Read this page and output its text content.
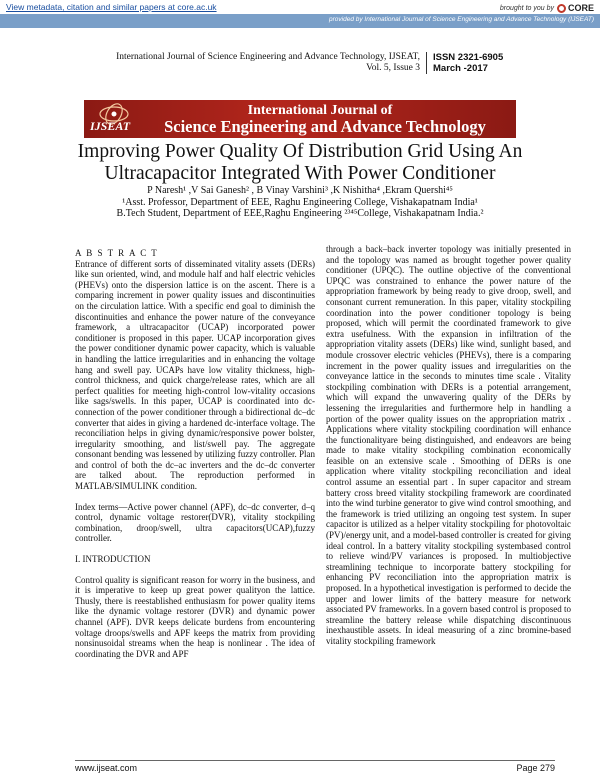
View metadata, citation and similar papers at core.ac.uk	brought to you by CORE
provided by International Journal of Science Engineering and Advance Technology (IJSEAT)
International Journal of Science Engineering and Advance Technology, IJSEAT,
Vol. 5, Issue 3
ISSN 2321-6905
March -2017
IJSEAT
International Journal of
Science Engineering and Advance Technology
Improving Power Quality Of Distribution Grid Using An Ultracapacitor Integrated With Power Conditioner
P Naresh¹ ,V Sai Ganesh² , B Vinay Varshini³ ,K Nishitha⁴ ,Ekram Quershi⁴⁵
¹Asst. Professor, Department of EEE, Raghu Engineering College, Vishakapatnam India¹
B.Tech Student, Department of EEE,Raghu Engineering ²³⁴⁵College, Vishakapatnam India.²

A B S T R A C T

Entrance of different sorts of disseminated vitality assets (DERs) like sun oriented, wind, and module half and half electric vehicles (PHEVs) onto the dispersion lattice is on the ascent. There is a comparing increment in power quality issues and discontinuities on the circulation lattice. With a specific end goal to diminish the discontinuities and enhance the power nature of the conveyance framework, a ultracapacitor (UCAP) incorporated power conditioner is proposed in this paper. UCAP incorporation gives the power conditioner dynamic power capacity, which is valuable in handling the lattice irregularities and in enhancing the voltage hang and swell pay. UCAPs have low vitality thickness, high-control thickness, and quick charge/release rates, which are all perfect qualities for meeting high-control low-vitality occasions like sags/swells. In this paper, UCAP is coordinated into dc-connection of the power conditioner through a bidirectional dc–dc converter that aides in giving a hardened dc-interface voltage. The reconciliation helps in giving dynamic/responsive power bolster, irregularity smoothing, and list/swell pay. The aggregate consonant bending was lessened by utilizing fuzzy controller. Plan and control of both the dc–ac inverters and the dc–dc converter are talked about. The reproduction performed in MATLAB/SIMULINK condition.

Index terms—Active power channel (APF), dc–dc converter, d–q control, dynamic voltage restorer(DVR), vitality stockpiling combination, droop/swell, ultra capacitors(UCAP),fuzzy controller.

I. INTRODUCTION

Control quality is significant reason for worry in the business, and it is imperative to keep up great power qualityon the lattice. Thusly, there is reestablished enthusiasm for power quality items like the dynamic voltage restorer (DVR) and dynamic power channel (APF). DVR keeps delicate burdens from encountering voltage droops/swells and APF keeps the matrix from providing nonsinusoidal streams when the heap is nonlinear . The idea of coordinating the DVR and APF

through a back–back inverter topology was initially presented in and the topology was named as brought together power quality conditioner (UPQC). The outline objective of the conventional UPQC was constrained to enhance the power nature of the appropriation framework by being ready to give droop, swell, and consonant current remuneration. In this paper, vitality stockpiling coordination into the power conditioner topology is being proposed, which will permit the coordinated framework to give extra usefulness. With the expansion in infiltration of the appropriation vitality assets (DERs) like wind, sunlight based, and module crossover electric vehicles (PHEVs), there is a comparing increment in the power quality issues and irregularities on the conveyance lattice in the seconds to minutes time scale . Vitality stockpiling combination with DERs is a potential arrangement, which will expand the unwavering quality of the DERs by lessening the irregularities and furthermore help in handling a portion of the power quality issues on the appropriation matrix . Applications where vitality stockpiling coordination will enhance the functionalityare being distinguished, and endeavors are being made to make vitality stockpiling combination economically feasible on an extensive scale . Smoothing of DERs is one application where vitality stockpiling reconciliation and ideal control assume an essential part . In super capacitor and stream battery cross breed vitality stockpiling framework are coordinated into the wind turbine generator to give wind control smoothing, and the framework is tried utilizing an ongoing test system. In super capacitor is utilized as a helper vitality stockpiling for photovoltaic (PV)/energy unit, and a model-based controller is created for giving ideal control. In a battery vitality stockpiling systembased control to relieve wind/PV variances is proposed. In multiobjective streamlining technique to incorporate battery stockpiling for enhancing PV reconciliation into the appropriation matrix is proposed. In a hypothetical investigation is performed to decide the upper and lower limits of the battery measure for network associated PV frameworks. In a govern based control is proposed to streamline the battery release while dispatching discontinuous inexhaustible assets. In ideal measuring of a zinc bromine-based vitality stockpiling framework

www.ijseat.com	Page 279
